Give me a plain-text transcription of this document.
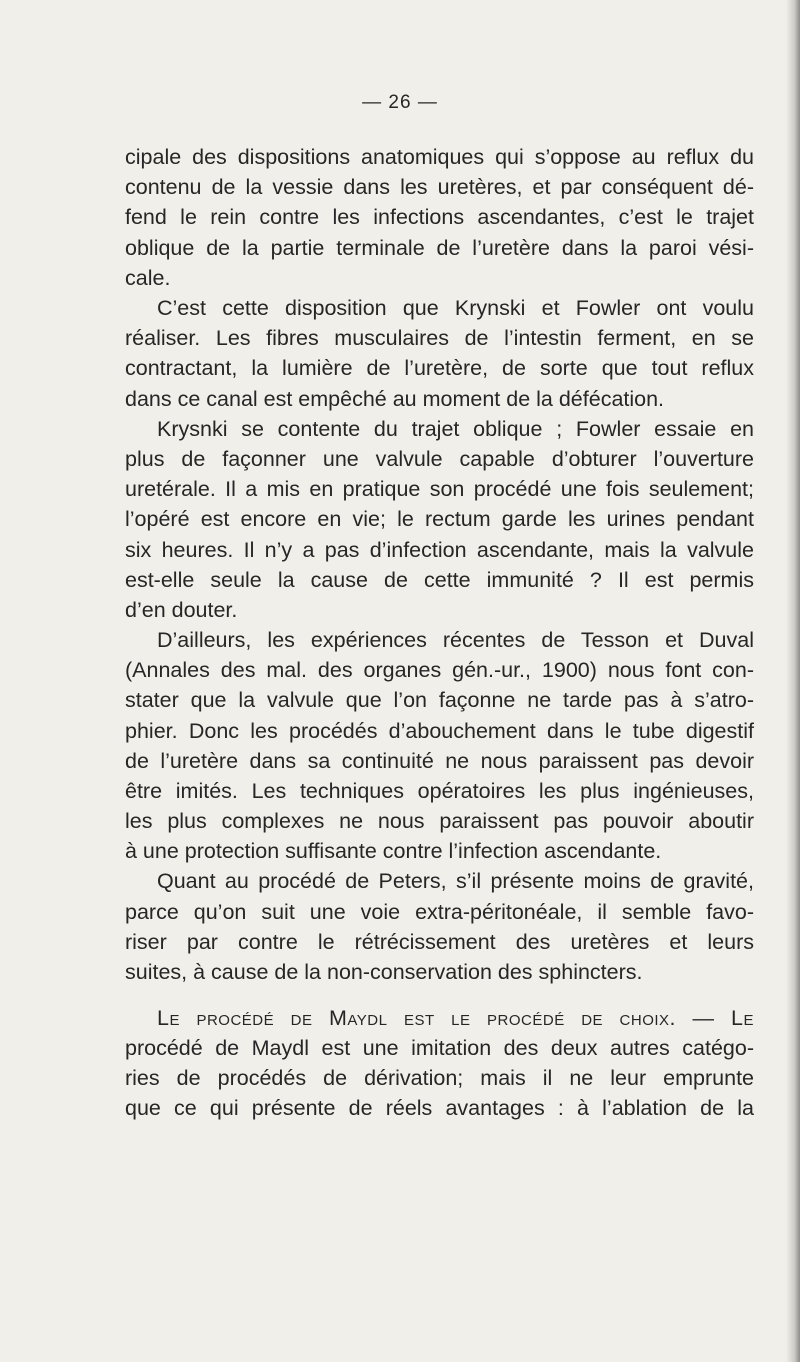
— 26 —
cipale des dispositions anatomiques qui s’oppose au reflux du
contenu de la vessie dans les uretères, et par conséquent dé-
fend le rein contre les infections ascendantes, c’est le trajet
oblique de la partie terminale de l’uretère dans la paroi vési-
cale.
C’est cette disposition que Krynski et Fowler ont voulu
réaliser. Les fibres musculaires de l’intestin ferment, en se
contractant, la lumière de l’uretère, de sorte que tout reflux
dans ce canal est empêché au moment de la défécation.
Krysnki se contente du trajet oblique ; Fowler essaie en
plus de façonner une valvule capable d’obturer l’ouverture
uretérale. Il a mis en pratique son procédé une fois seulement;
l’opéré est encore en vie; le rectum garde les urines pendant
six heures. Il n’y a pas d’infection ascendante, mais la valvule
est-elle seule la cause de cette immunité ? Il est permis
d’en douter.
D’ailleurs, les expériences récentes de Tesson et Duval
(Annales des mal. des organes gén.-ur., 1900) nous font con-
stater que la valvule que l’on façonne ne tarde pas à s’atro-
phier. Donc les procédés d’abouchement dans le tube digestif
de l’uretère dans sa continuité ne nous paraissent pas devoir
être imités. Les techniques opératoires les plus ingénieuses,
les plus complexes ne nous paraissent pas pouvoir aboutir
à une protection suffisante contre l’infection ascendante.
Quant au procédé de Peters, s’il présente moins de gravité,
parce qu’on suit une voie extra-péritonéale, il semble favo-
riser par contre le rétrécissement des uretères et leurs
suites, à cause de la non-conservation des sphincters.
Le procédé de Maydl est le procédé de choix. — Le
procédé de Maydl est une imitation des deux autres catégo-
ries de procédés de dérivation; mais il ne leur emprunte
que ce qui présente de réels avantages : à l’ablation de la
